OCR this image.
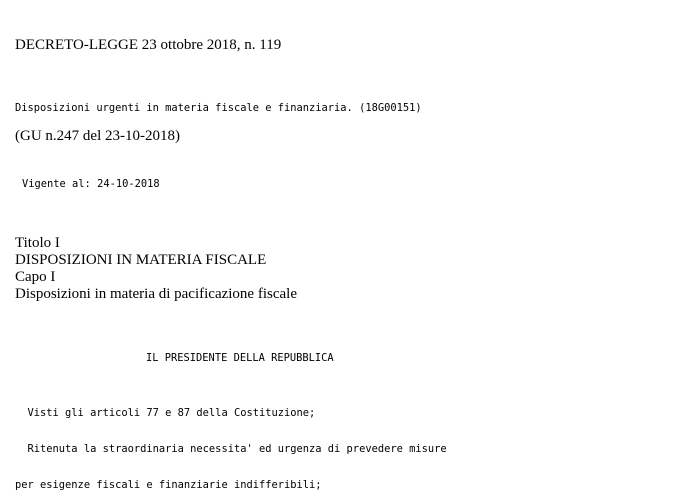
DECRETO-LEGGE 23 ottobre 2018, n. 119

Disposizioni urgenti in materia fiscale e finanziaria. (18G00151)

(GU n.247 del 23-10-2018)

Vigente al: 24-10-2018

Titolo I
DISPOSIZIONI IN MATERIA FISCALE
Capo I
Disposizioni in materia di pacificazione fiscale

IL PRESIDENTE DELLA REPUBBLICA

Visti gli articoli 77 e 87 della Costituzione;

Ritenuta la straordinaria necessita' ed urgenza di prevedere misure

per esigenze fiscali e finanziarie indifferibili;
